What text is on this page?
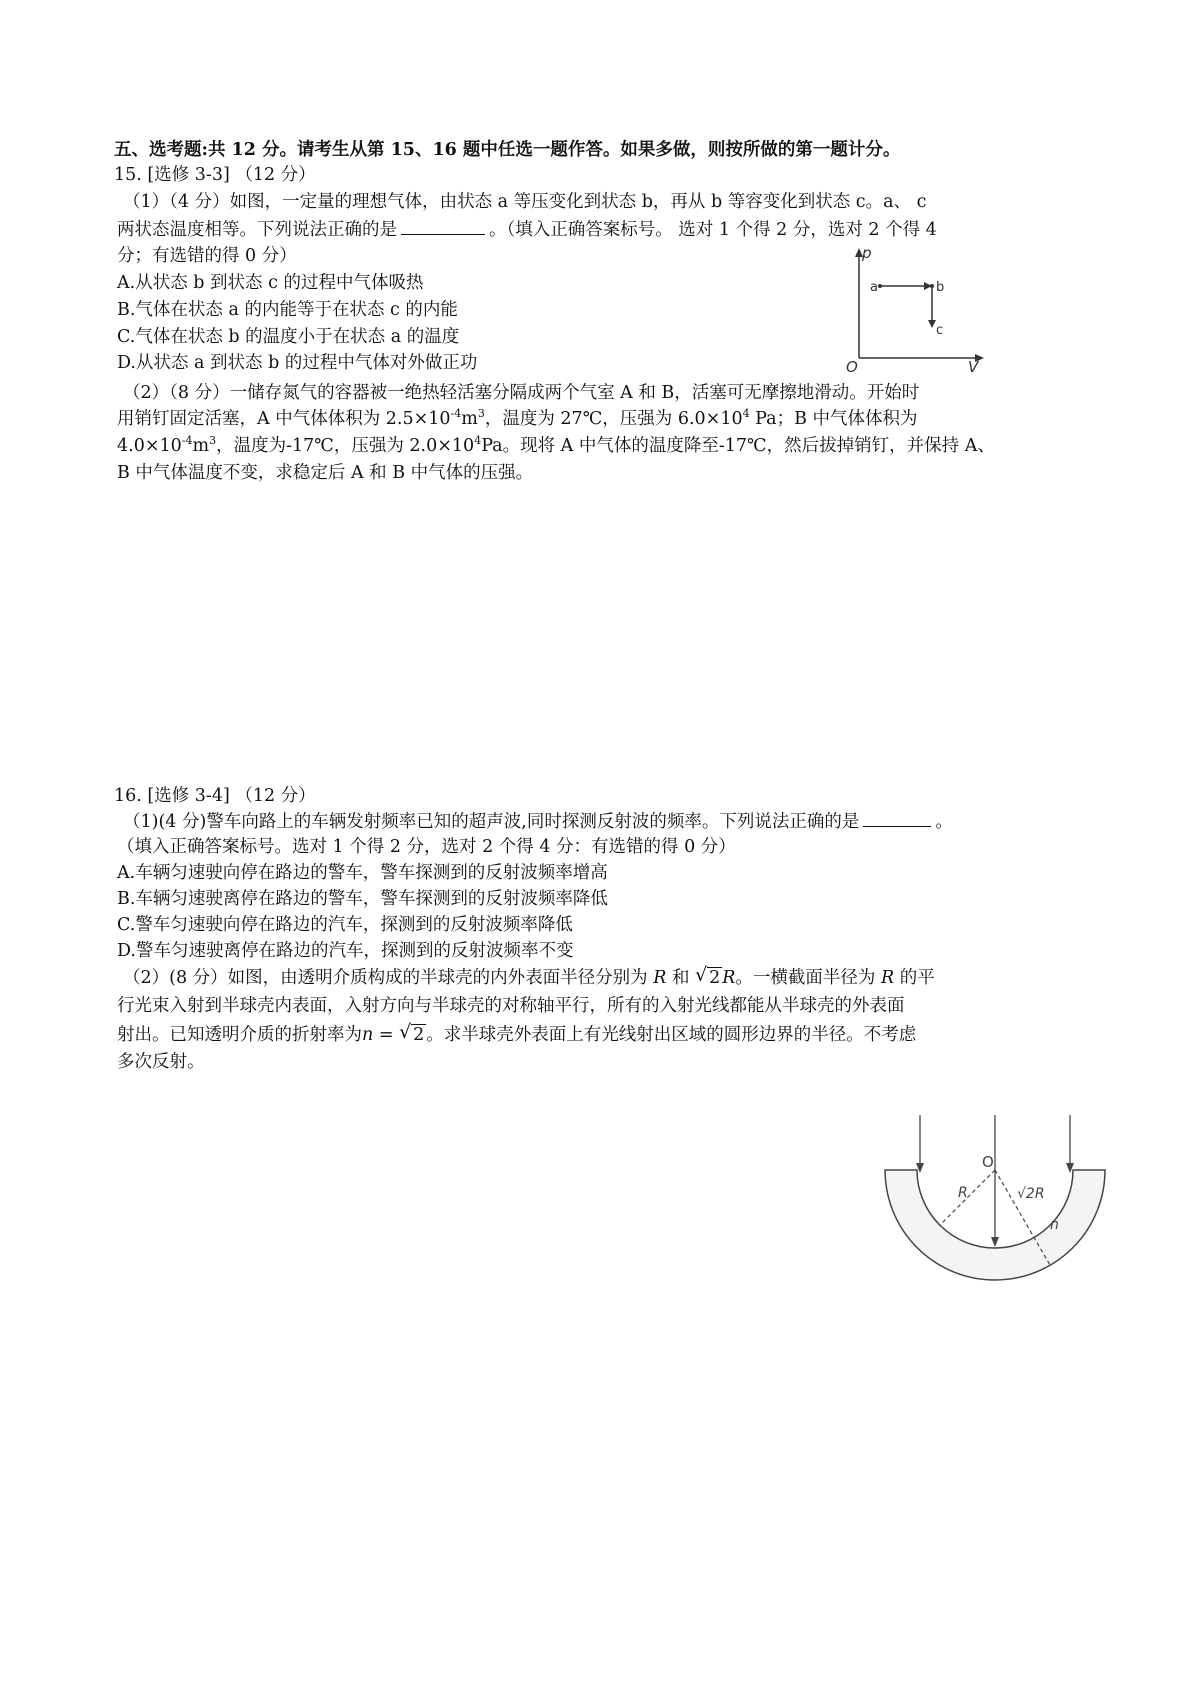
五、选考题:共 12 分。请考生从第 15、16 题中任选一题作答。如果多做，则按所做的第一题计分。
15. [选修 3-3] （12 分）
（1）（4 分）如图，一定量的理想气体，由状态 a 等压变化到状态 b，再从 b 等容变化到状态 c。a、 c
两状态温度相等。下列说法正确的是	。（填入正确答案标号。 选对 1 个得 2 分，选对 2 个得 4
分；有选错的得 0 分）
A.从状态 b 到状态 c 的过程中气体吸热
B.气体在状态 a 的内能等于在状态 c 的内能
C.气体在状态 b 的温度小于在状态 a 的温度
D.从状态 a 到状态 b 的过程中气体对外做正功
p
V
O
a	b
c
（2）（8 分）一储存氮气的容器被一绝热轻活塞分隔成两个气室 A 和 B，活塞可无摩擦地滑动。开始时
用销钉固定活塞，A 中气体体积为 $2.5\times 10^{-4}m^3$，温度为 27℃，压强为 $6.0\times 10^4$ Pa；B 中气体体积为
$4.0\times 10^{-4}m^3$，温度为-17℃，压强为 $2.0\times 10^4Pa$。现将 A 中气体的温度降至-17℃，然后拔掉销钉，并保持 A、
B 中气体温度不变，求稳定后 A 和 B 中气体的压强。
16. [选修 3-4] （12 分）
（1)(4 分)警车向路上的车辆发射频率已知的超声波,同时探测反射波的频率。下列说法正确的是	。
（填入正确答案标号。选对 1 个得 2 分，选对 2 个得 4 分：有选错的得 0 分）
A.车辆匀速驶向停在路边的警车，警车探测到的反射波频率增高
B.车辆匀速驶离停在路边的警车，警车探测到的反射波频率降低
C.警车匀速驶向停在路边的汽车，探测到的反射波频率降低
D.警车匀速驶离停在路边的汽车，探测到的反射波频率不变
（2）(8 分）如图，由透明介质构成的半球壳的内外表面半径分别为 R 和 √ 2 R。一横截面半径为 R 的平
行光束入射到半球壳内表面，入射方向与半球壳的对称轴平行，所有的入射光线都能从半球壳的外表面
射出。已知透明介质的折射率为n = √ 2 。求半球壳外表面上有光线射出区域的圆形边界的半径。不考虑
多次反射。
O
R	√2R
n
